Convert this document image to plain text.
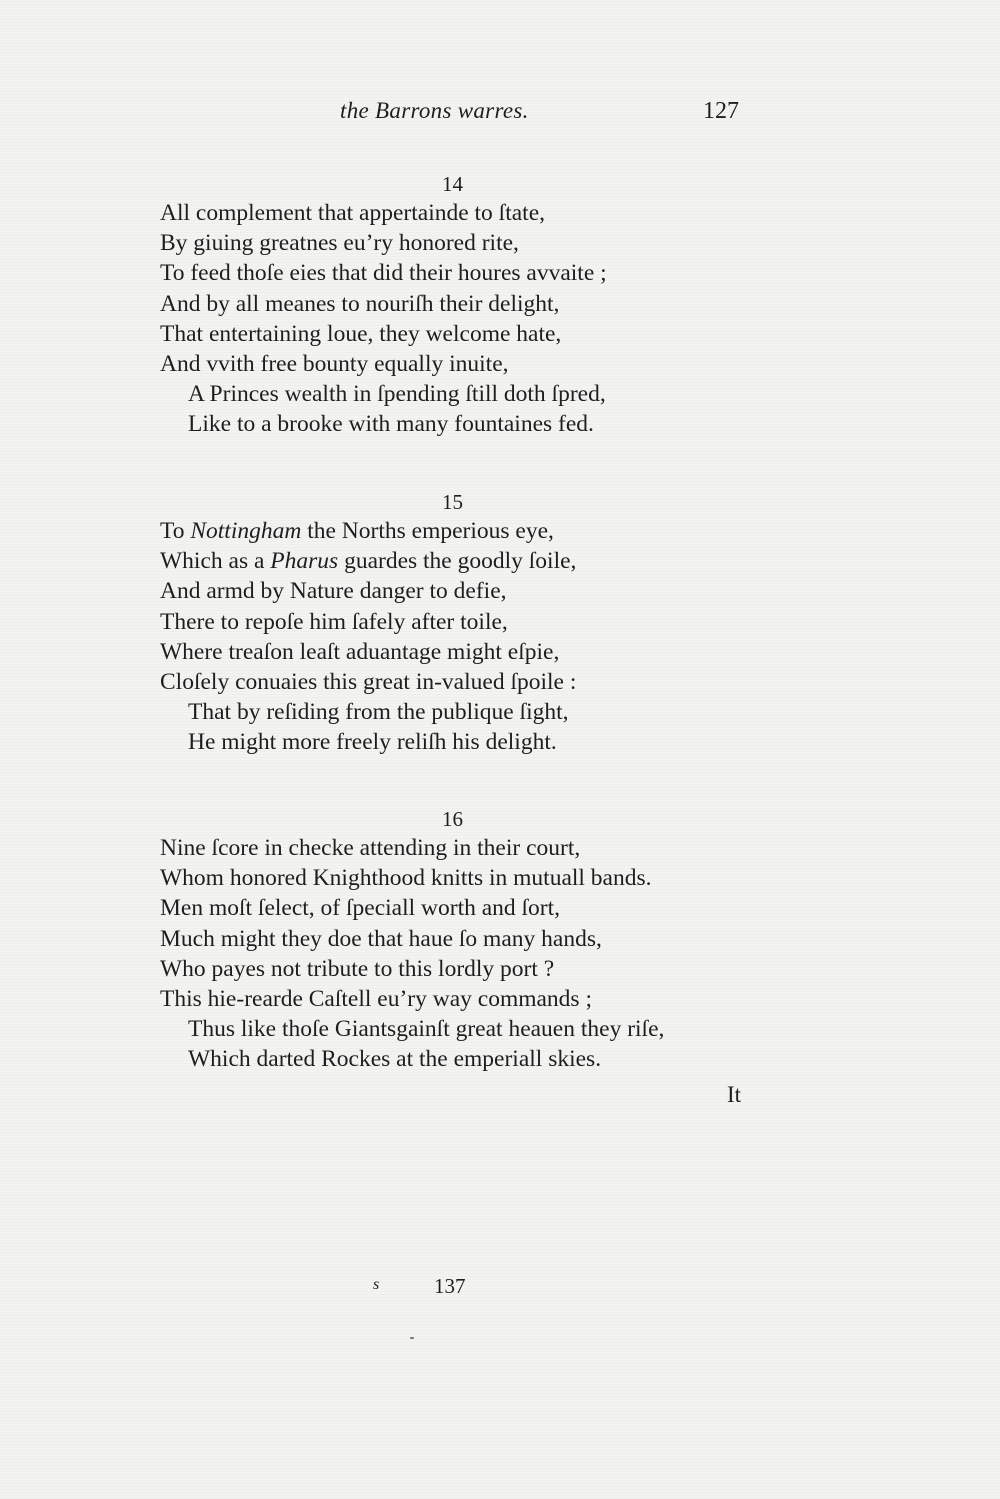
the Barrons warres.	127
14
All complement that appertainde to ſtate,
By giuing greatnes eu’ry honored rite,
To feed thoſe eies that did their houres avvaite ;
And by all meanes to nouriſh their delight,
That entertaining loue, they welcome hate,
And vvith free bounty equally inuite,
A Princes wealth in ſpending ſtill doth ſpred,
Like to a brooke with many fountaines fed.
15
To Nottingham the Norths emperious eye,
Which as a Pharus guardes the goodly ſoile,
And armd by Nature danger to defie,
There to repoſe him ſafely after toile,
Where treaſon leaſt aduantage might eſpie,
Cloſely conuaies this great in-valued ſpoile :
That by reſiding from the publique ſight,
He might more freely reliſh his delight.
16
Nine ſcore in checke attending in their court,
Whom honored Knighthood knitts in mutuall bands.
Men moſt ſelect, of ſpeciall worth and ſort,
Much might they doe that haue ſo many hands,
Who payes not tribute to this lordly port ?
This hie-rearde Caſtell eu’ry way commands ;
Thus like thoſe Giantsgainſt great heauen they riſe,
Which darted Rockes at the emperiall skies.
It
s	137
